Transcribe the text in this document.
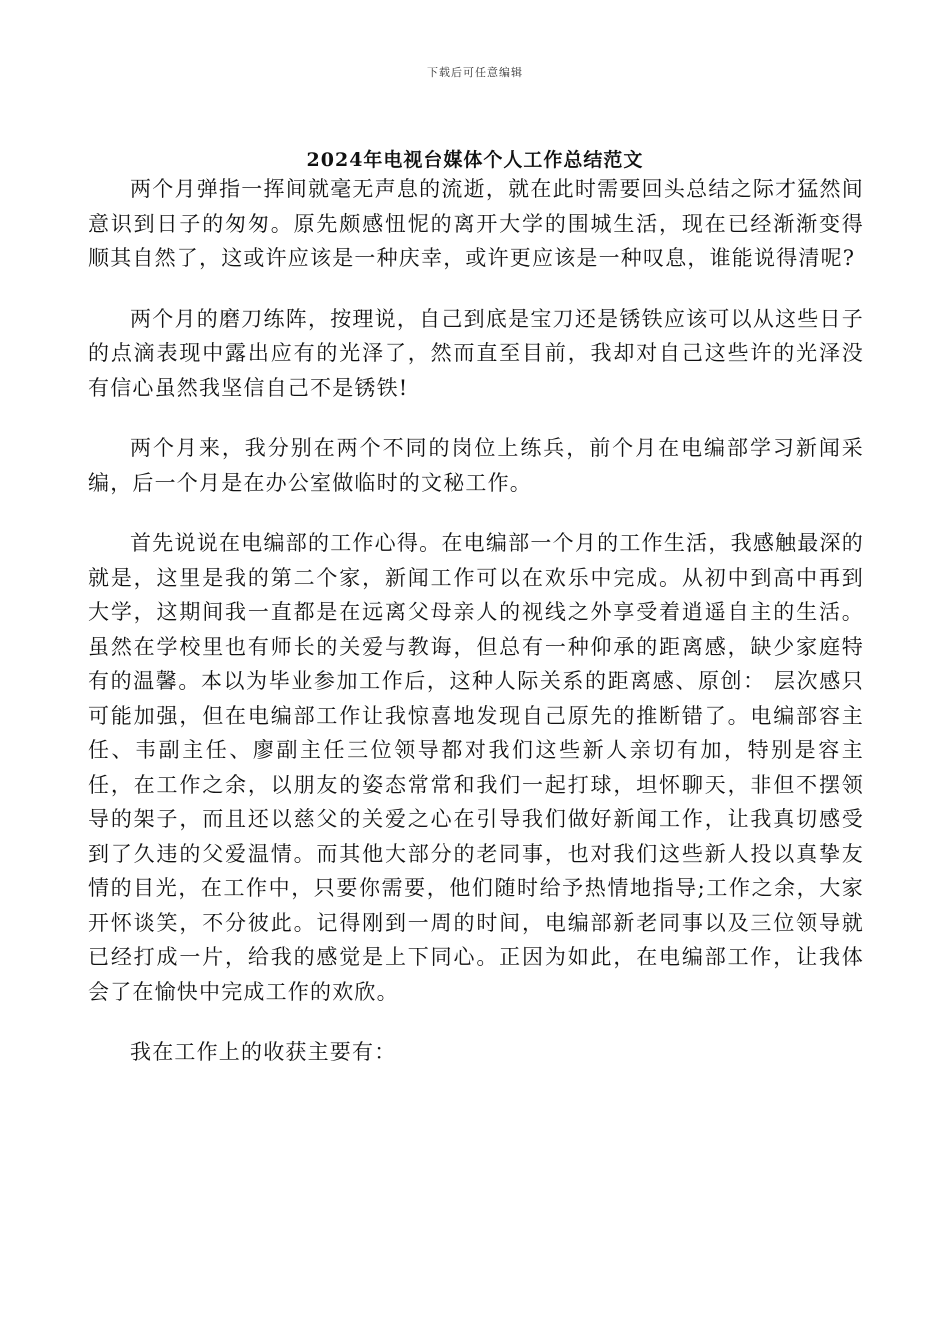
下载后可任意编辑
2024年电视台媒体个人工作总结范文

两个月弹指一挥间就毫无声息的流逝，就在此时需要回头总结之际才猛然间意识到日子的匆匆。原先颇感忸怩的离开大学的围城生活，现在已经渐渐变得顺其自然了，这或许应该是一种庆幸，或许更应该是一种叹息，谁能说得清呢?

两个月的磨刀练阵，按理说，自己到底是宝刀还是锈铁应该可以从这些日子的点滴表现中露出应有的光泽了，然而直至目前，我却对自己这些许的光泽没有信心虽然我坚信自己不是锈铁!

两个月来，我分别在两个不同的岗位上练兵，前个月在电编部学习新闻采编，后一个月是在办公室做临时的文秘工作。

首先说说在电编部的工作心得。在电编部一个月的工作生活，我感触最深的就是，这里是我的第二个家，新闻工作可以在欢乐中完成。从初中到高中再到大学，这期间我一直都是在远离父母亲人的视线之外享受着逍遥自主的生活。虽然在学校里也有师长的关爱与教诲，但总有一种仰承的距离感，缺少家庭特有的温馨。本以为毕业参加工作后，这种人际关系的距离感、原创： 层次感只可能加强，但在电编部工作让我惊喜地发现自己原先的推断错了。电编部容主任、韦副主任、廖副主任三位领导都对我们这些新人亲切有加，特别是容主任，在工作之余，以朋友的姿态常常和我们一起打球，坦怀聊天，非但不摆领导的架子，而且还以慈父的关爱之心在引导我们做好新闻工作，让我真切感受到了久违的父爱温情。而其他大部分的老同事，也对我们这些新人投以真挚友情的目光，在工作中，只要你需要，他们随时给予热情地指导;工作之余，大家开怀谈笑，不分彼此。记得刚到一周的时间，电编部新老同事以及三位领导就已经打成一片，给我的感觉是上下同心。正因为如此，在电编部工作，让我体会了在愉快中完成工作的欢欣。

我在工作上的收获主要有：
